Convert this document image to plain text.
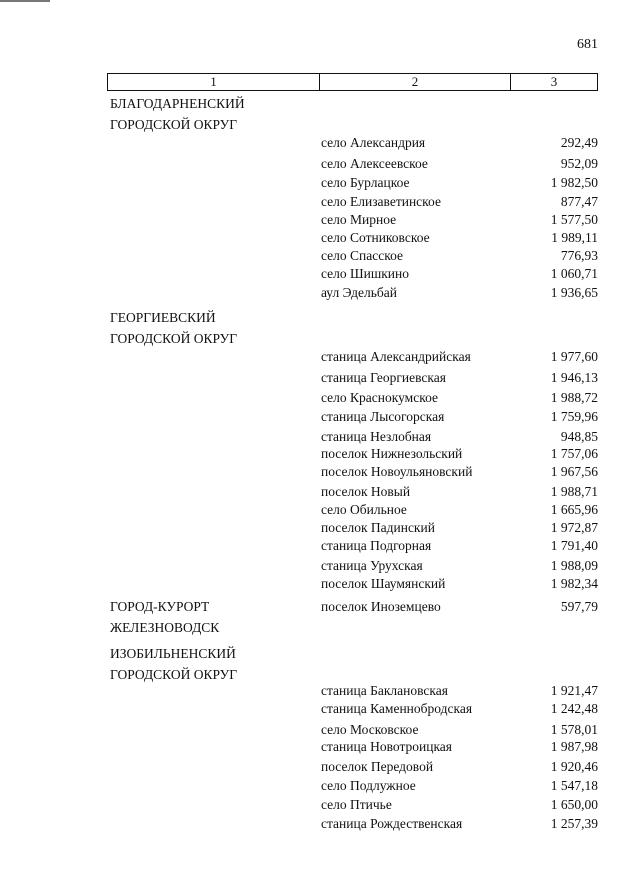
681
1	2	3
БЛАГОДАРНЕНСКИЙ
ГОРОДСКОЙ ОКРУГ
село Александрия	292,49
село Алексеевское	952,09
село Бурлацкое	1 982,50
село Елизаветинское	877,47
село Мирное	1 577,50
село Сотниковское	1 989,11
село Спасское	776,93
село Шишкино	1 060,71
аул Эдельбай	1 936,65
ГЕОРГИЕВСКИЙ
ГОРОДСКОЙ ОКРУГ
станица Александрийская	1 977,60
станица Георгиевская	1 946,13
село Краснокумское	1 988,72
станица Лысогорская	1 759,96
станица Незлобная	948,85
поселок Нижнезольский	1 757,06
поселок Новоульяновский	1 967,56
поселок Новый	1 988,71
село Обильное	1 665,96
поселок Падинский	1 972,87
станица Подгорная	1 791,40
станица Урухская	1 988,09
поселок Шаумянский	1 982,34
ГОРОД-КУРОРТ
ЖЕЛЕЗНОВОДСК
поселок Иноземцево	597,79
ИЗОБИЛЬНЕНСКИЙ
ГОРОДСКОЙ ОКРУГ
станица Баклановская	1 921,47
станица Каменнобродская	1 242,48
село Московское	1 578,01
станица Новотроицкая	1 987,98
поселок Передовой	1 920,46
село Подлужное	1 547,18
село Птичье	1 650,00
станица Рождественская	1 257,39
